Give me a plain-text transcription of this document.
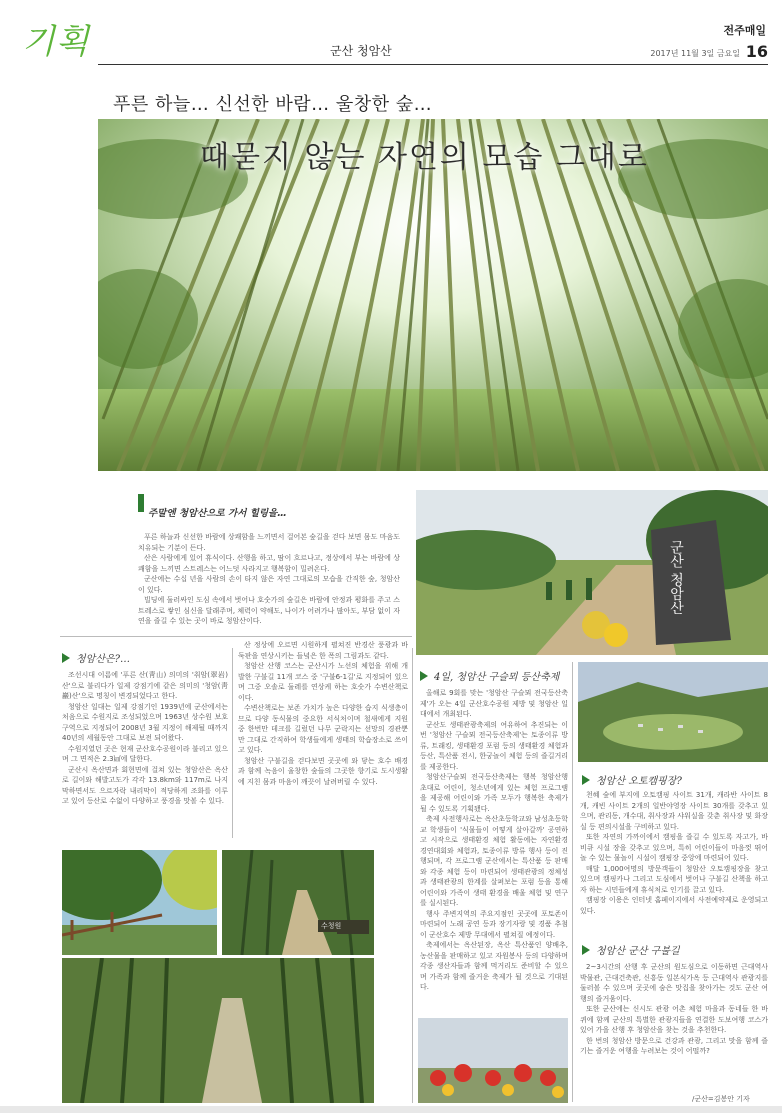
기획	군산 청암산
전주매일
2017년 11월 3일 금요일 16
푸른 하늘… 신선한 바람… 울창한 숲…
때묻지 않는 자연의 모습 그대로
주말엔 청암산으로 가서 힐링을…

푸른 하늘과 신선한 바람에 상쾌함을 느끼면서 걸어본 숲길을 걷다 보면 몸도 마음도 치유되는 기분이 든다.

산은 사람에게 있어 휴식이다. 산행을 하고, 땀이 흐르나고, 정상에서 부는 바람에 상쾌함을 느끼면 스트레스는 어느덧 사라지고 행복함이 밀려온다.

군산에는 수십 년을 사람의 손이 타지 않은 자연 그대로의 모습을 간직한 숲, 청암산이 있다.

빌딩에 둘러싸인 도심 속에서 벗어나 호숫가의 숲길은 바람에 안정과 평화를 주고 스트레스로 쌓인 심신을 달래주며, 체력이 약해도, 나이가 어려가나 많아도, 부담 없이 자연을 즐길 수 있는 곳이 바로 청암산이다.

군산 청암산
청암산은?…

조선시대 이름에 '푸른 산(靑山) 의미의 '취암(翠岩)산'으로 불리다가 일제 강점기에 같은 의미의 '청암(靑巖)산'으로 명칭이 변경되었다고 한다.

청암산 일대는 일제 강점기인 1939년에 군산에서는 처음으로 수원지로 조성되었으며 1963년 상수원 보호구역으로 지정되어 2008년 3월 지정이 해제될 때까지 40년의 세월동안 그대로 보전 되어왔다.

수원지였던 곳은 현재 군산호수공원이라 불리고 있으며 그 면적은 2.3㎢에 달한다.

군산시 옥산면과 회현면에 걸쳐 있는 청암산은 옥산로 길이와 해발고도가 각각 13.8km와 117m로 나지막하면서도 으르자락 내리막이 적당하게 조화를 이루고 있어 등산로 수없이 다양하고 풍경을 맛볼 수 있다.

산 정상에 오르면 시원하게 펼쳐진 반경산 풍광과 바둑판을 연상시키는 들녘은 한 폭의 그림과도 같다.

청암산 산행 코스는 군산시가 노선의 체험을 위해 개발한 구불길 11개 코스 중 '구불6-1길'로 지정되어 있으며 그중 오솔로 둘레를 연상케 하는 호숫가 수변산책로이다.

수변산책로는 보존 가치가 높은 다양한 습지 식생층이므로 다양 동식물의 중요한 서식처이며 철새에게 지원 중 한번만 데크를 길렀던 나무 군락지는 선망의 경관뿐만 그대로 간직하여 학생들에게 생태의 학습장소로 쓰이고 있다.

청암산 구불길을 걷다보면 곳곳에 와 닿는 호수 배경과 함께 녹음이 울창한 숲들의 그곳한 향기로 도시생활에 지친 몸과 마음이 깨끗이 날려버릴 수 있다.

수청원
4일, 청암산 구슬뫼 등산축제

올해로 9회를 맞는 '청암산 구슬뫼 전국등산축제'가 오는 4일 군산호수공원 제방 및 청암산 일대에서 개최된다.

군산도 생태관광축제의 여유하여 추진되는 이번 '청암산 구슬뫼 전국등산축제'는 토종이류 방류, 트래킹, 생태환경 포럼 등의 생태환경 체험과 등산, 특산품 전시, 한궁놀이 체험 등의 즐길거리를 제공한다.

청암산구슬뫼 전국등산축제는 행복 청암산행 초대로 어린이, 청소년에게 있는 체험 프로그램을 제공해 어린이와 가족 모두가 행복한 축제가 될 수 있도록 기획됐다.

축제 사전행사로는 옥산초등학교와 남성초등학교 학생들이 '식물들이 어떻게 살아갈까' 공연하고 시작으로 생태환경 체험 활동에는 자연환경 경연대회와 체험과, 토종이류 방류 행사 등이 진행되며, 각 프로그램 군산에서는 특산품 등 판매와 각종 체험 등이 마련되어 생태관광의 정체성과 생태관광의 한계를 살펴보는 포럼 등을 통해 어린이와 가족이 생태 환경을 배울 체험 및 연구를 실시된다.

행사 주변지역의 주요지점인 곳곳에 포토존이 마련되어 노래 공연 등과 장기자랑 및 경품 추첨이 군산호수 제방 무대에서 펼쳐질 예정이다.

축제에서는 옥산된장, 옥산 특산품인 양배추, 농산물을 판매하고 있고 자원봉사 등의 다양하며 각종 생산자들과 함께 먹거리도 준비할 수 있으며 가족과 함께 즐거운 축제가 될 것으로 기대된다.

청암산 오토캠핑장?

천혜 숲에 부지에 오토캠핑 사이트 31개, 캐라반 사이트 8개, 캐빈 사이트 2개의 일반야영장 사이트 30개를 갖추고 있으며, 관리동, 개수대, 취사장과 샤워실을 갖춘 취사장 및 화장실 등 편의시설을 구비하고 있다.

또한 자연의 가까이에서 캠핑을 즐길 수 있도록 자고가, 바비큐 시설 장을 갖추고 있으며, 특히 어린이들이 마음껏 뛰어놀 수 있는 물놀이 시설이 캠핑장 중앙에 마련되어 있다.

매달 1,000여명의 방문객들이 청암산 오토캠핑장을 찾고 있으며 캠핑카나 그리고 도심에서 벗어나 구불길 산책을 하고자 하는 시민들에게 휴식처로 인기를 끌고 있다.

캠핑장 이용은 인터넷 홈페이지에서 사전예약제로 운영되고 있다.

청암산 군산 구불길

2~3시간의 산행 후 군산의 원도심으로 이동하면 근대역사박물관, 근대건축관, 신흥동 일본식가옥 등 근대역사 관광지를 둘러볼 수 있으며 곳곳에 숨은 맛집을 찾아가는 것도 군산 여행의 즐거움이다.

또한 군산에는 신시도 관광 어촌 체험 마을과 동네들 한 바퀴에 함께 군산의 특별한 관광지들을 연결한 도보여행 코스가 있어 가을 산행 후 청암산을 찾는 것을 추천한다.

한 번의 청암산 방문으로 건강과 관광, 그리고 맛을 함께 즐기는 즐거운 여행을 누려보는 것이 어떨까?

/군산=김봉안 기자
